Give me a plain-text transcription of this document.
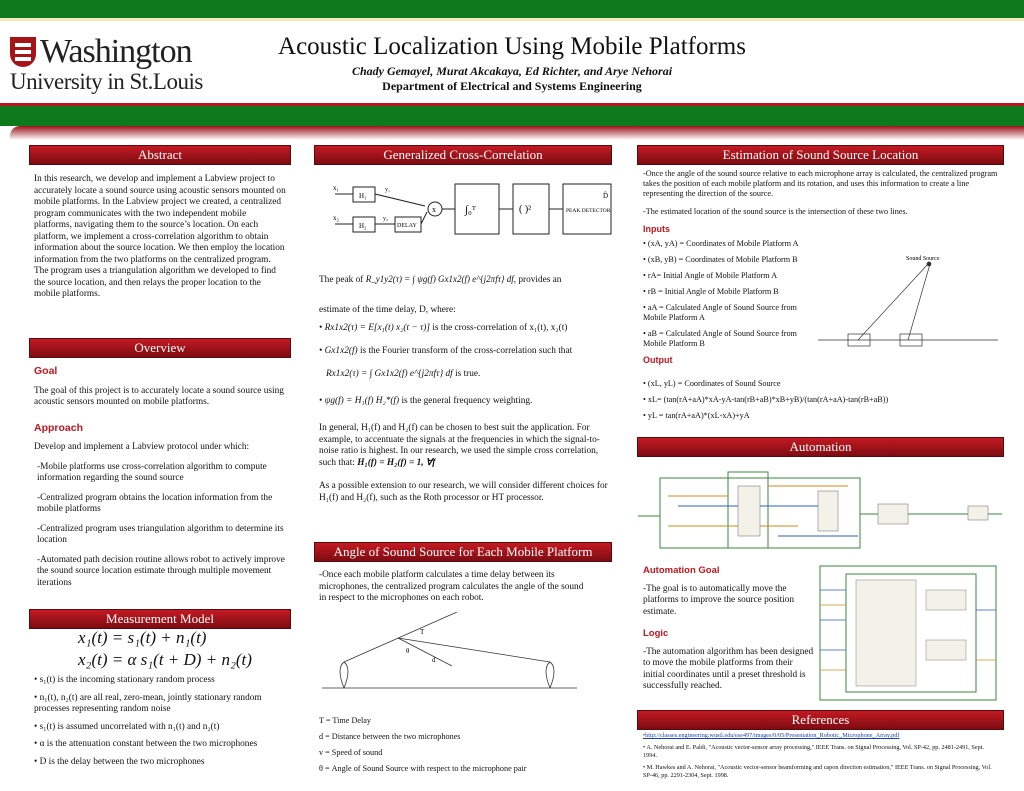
Washington
University in St.Louis
Acoustic Localization Using Mobile Platforms
Chady Gemayel, Murat Akcakaya, Ed Richter, and Arye Nehorai
Department of Electrical and Systems Engineering
Abstract
In this research, we develop and implement a Labview project to accurately locate a sound source using acoustic sensors mounted on mobile platforms. In the Labview project we created, a centralized program communicates with the two independent mobile platforms, navigating them to the source’s location. On each platform, we implement a cross-correlation algorithm to obtain information about the source location. We then employ the location information from the two platforms on the centralized program. The program uses a triangulation algorithm we developed to find the source location, and then relays the proper location to the mobile platforms.
Overview

Goal

The goal of this project is to accurately locate a sound source using acoustic sensors mounted on mobile platforms.

Approach

Develop and implement a Labview protocol under which:

-Mobile platforms use cross-correlation algorithm to compute information regarding the sound source

-Centralized program obtains the location information from the mobile platforms

-Centralized program uses triangulation algorithm to determine its location

-Automated path decision routine allows robot to actively improve the sound source location estimate through multiple movement iterations

Measurement Model
x₁(t) = s₁(t) + n₁(t)
x₂(t) = α s₁(t + D) + n₂(t)

• s₁(t) is the incoming stationary random process

• n₁(t), n₂(t) are all real, zero-mean, jointly stationary random processes representing random noise

• s₁(t) is assumed uncorrelated with n₁(t) and n₂(t)

• α is the attenuation constant between the two microphones

• D is the delay between the two microphones

Generalized Cross-Correlation
x₁
x₂
H₁
H₂
y₁
y₂
DELAY
x	∫₀ᵀ	( )²	PEAK DETECTOR
D̂
The peak of R_y1y2(τ) = ∫ ψg(f) Gx1x2(f) e^{j2πfτ} df, provides an
estimate of the time delay, D, where:
• Rx1x2(τ) = E[x₁(t) x₂(t − τ)] is the cross-correlation of x₁(t), x₂(t)
• Gx1x2(f) is the Fourier transform of the cross-correlation such that
Rx1x2(τ) = ∫ Gx1x2(f) e^{j2πfτ} df is true.
• ψg(f) = H₁(f) H₂*(f) is the general frequency weighting.
In general, H₁(f) and H₂(f) can be chosen to best suit the application. For example, to accentuate the signals at the frequencies in which the signal-to-noise ratio is highest. In our research, we used the simple cross correlation, such that: H₁(f) = H₂(f) = 1, ∀f
As a possible extension to our research, we will consider different choices for H₁(f) and H₂(f), such as the Roth processor or HT processor.
Angle of Sound Source for Each Mobile Platform
-Once each mobile platform calculates a time delay between its microphones, the centralized program calculates the angle of the sound in respect to the microphones on each robot.
T
θ
d

T = Time Delay

d = Distance between the two microphones

v = Speed of sound

θ = Angle of Sound Source with respect to the microphone pair

Estimation of Sound Source Location
-Once the angle of the sound source relative to each microphone array is calculated, the centralized program takes the position of each mobile platform and its rotation, and uses this information to create a line representing the direction of the source.
-The estimated location of the sound source is the intersection of these two lines.

Inputs

• (xA, yA) = Coordinates of Mobile Platform A

• (xB, yB) = Coordinates of Mobile Platform B

• rA= Initial Angle of Mobile Platform A

• rB = Initial Angle of Mobile Platform B

• aA = Calculated Angle of Sound Source from Mobile Platform A

• aB = Calculated Angle of Sound Source from Mobile Platform B

Output

• (xL, yL) = Coordinates of Sound Source

• xL= (tan(rA+aA)*xA-yA-tan(rB+aB)*xB+yB)/(tan(rA+aA)-tan(rB+aB))

• yL = tan(rA+aA)*(xL-xA)+yA

Sound Source
Automation

Automation Goal

-The goal is to automatically move the platforms to improve the source position estimate.

Logic

-The automation algorithm has been designed to move the mobile platforms from their initial coordinates until a preset threshold is successfully reached.

References

•http://classes.engineering.wustl.edu/ese497/images/0/05/Presentation_Robotic_Microphone_Array.pdf

• A. Nehorai and E. Paldi, "Acoustic vector-sensor array processing," IEEE Trans. on Signal Processing, Vol. SP-42, pp. 2481-2491, Sept. 1994.

• M. Hawkes and A. Nehorai, "Acoustic vector-sensor beamforming and capon direction estimation," IEEE Trans. on Signal Processing, Vol. SP-46, pp. 2291-2304, Sept. 1998.
